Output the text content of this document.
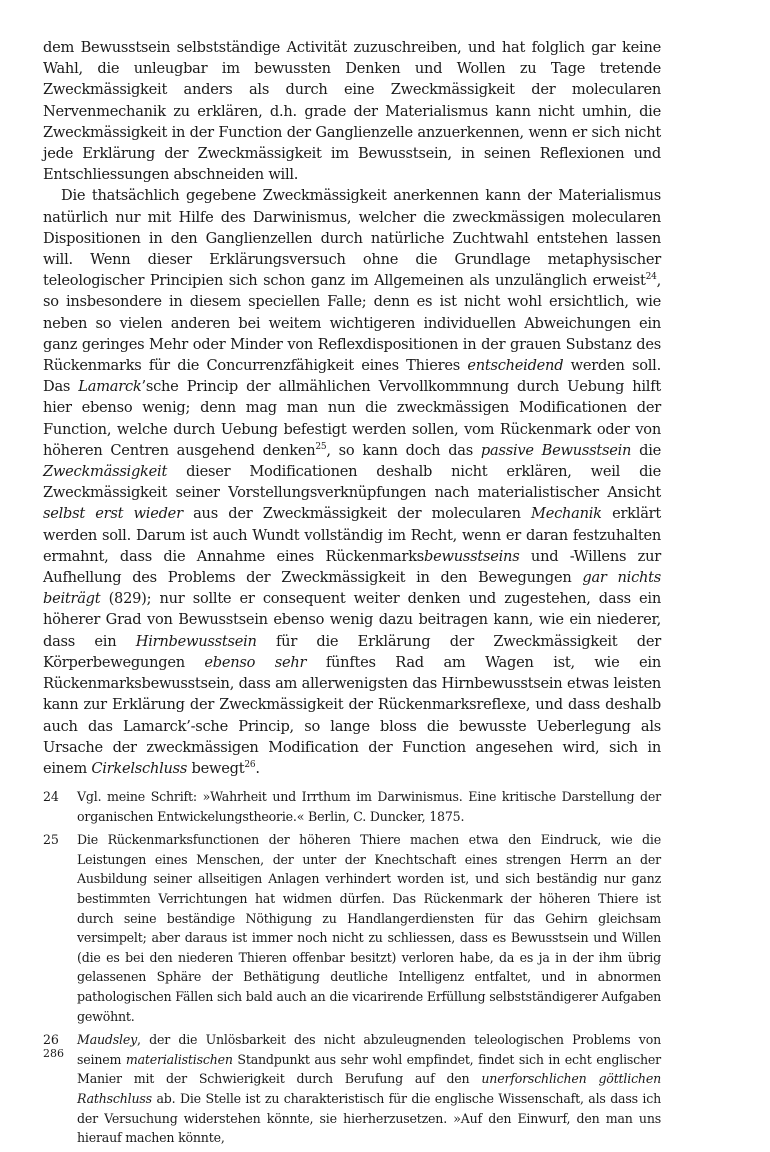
dem Bewusstsein selbstständige Activität zuzuschreiben, und hat folglich gar keine Wahl, die unleugbar im bewussten Denken und Wollen zu Tage tretende Zweckmässigkeit anders als durch eine Zweckmässigkeit der molecularen Nervenmechanik zu erklären, d.h. grade der Materialismus kann nicht umhin, die Zweckmässigkeit in der Function der Ganglienzelle anzuerkennen, wenn er sich nicht jede Erklärung der Zweckmässigkeit im Bewusstsein, in seinen Reflexionen und Entschliessungen abschneiden will.

Die thatsächlich gegebene Zweckmässigkeit anerkennen kann der Materialismus natürlich nur mit Hilfe des Darwinismus, welcher die zweckmässigen molecularen Dispositionen in den Ganglienzellen durch natürliche Zuchtwahl entstehen lassen will. Wenn dieser Erklärungsversuch ohne die Grundlage metaphysischer teleologischer Principien sich schon ganz im Allgemeinen als unzulänglich erweist$^{24}$, so insbesondere in diesem speciellen Falle; denn es ist nicht wohl ersichtlich, wie neben so vielen anderen bei weitem wichtigeren individuellen Abweichungen ein ganz geringes Mehr oder Minder von Reflexdispositionen in der grauen Substanz des Rückenmarks für die Concurrenzfähigkeit eines Thieres entscheidend werden soll. Das Lamarck’sche Princip der allmählichen Vervollkommnung durch Uebung hilft hier ebenso wenig; denn mag man nun die zweckmässigen Modificationen der Function, welche durch Uebung befestigt werden sollen, vom Rückenmark oder von höheren Centren ausgehend denken$^{25}$, so kann doch das passive Bewusstsein die Zweckmässigkeit dieser Modificationen deshalb nicht erklären, weil die Zweckmässigkeit seiner Vorstellungsverknüpfungen nach materialistischer Ansicht selbst erst wieder aus der Zweckmässigkeit der molecularen Mechanik erklärt werden soll. Darum ist auch Wundt vollständig im Recht, wenn er daran festzuhalten ermahnt, dass die Annahme eines Rückenmarksbewusstseins und -Willens zur Aufhellung des Problems der Zweckmässigkeit in den Bewegungen gar nichts beiträgt (829); nur sollte er consequent weiter denken und zugestehen, dass ein höherer Grad von Bewusstsein ebenso wenig dazu beitragen kann, wie ein niederer, dass ein Hirnbewusstsein für die Erklärung der Zweckmässigkeit der Körperbewegungen ebenso sehr fünftes Rad am Wagen ist, wie ein Rückenmarksbewusstsein, dass am allerwenigsten das Hirnbewusstsein etwas leisten kann zur Erklärung der Zweckmässigkeit der Rückenmarksreflexe, und dass deshalb auch das Lamarck’-sche Princip, so lange bloss die bewusste Ueberlegung als Ursache der zweckmässigen Modification der Function angesehen wird, sich in einem Cirkelschluss bewegt$^{26}$.

24	Vgl. meine Schrift: »Wahrheit und Irrthum im Darwinismus. Eine kritische Darstellung der organischen Entwickelungstheorie.« Berlin, C. Duncker, 1875.
25	Die Rückenmarksfunctionen der höheren Thiere machen etwa den Eindruck, wie die Leistungen eines Menschen, der unter der Knechtschaft eines strengen Herrn an der Ausbildung seiner allseitigen Anlagen verhindert worden ist, und sich beständig nur ganz bestimmten Verrichtungen hat widmen dürfen. Das Rückenmark der höheren Thiere ist durch seine beständige Nöthigung zu Handlangerdiensten für das Gehirn gleichsam versimpelt; aber daraus ist immer noch nicht zu schliessen, dass es Bewusstsein und Willen (die es bei den niederen Thieren offenbar besitzt) verloren habe, da es ja in der ihm übrig gelassenen Sphäre der Bethätigung deutliche Intelligenz entfaltet, und in abnormen pathologischen Fällen sich bald auch an die vicarirende Erfüllung selbstständigerer Aufgaben gewöhnt.
26	Maudsley, der die Unlösbarkeit des nicht abzuleugnenden teleologischen Problems von seinem materialistischen Standpunkt aus sehr wohl empfindet, findet sich in echt englischer Manier mit der Schwierigkeit durch Berufung auf den unerforschlichen göttlichen Rathschluss ab. Die Stelle ist zu charakteristisch für die englische Wissenschaft, als dass ich der Versuchung widerstehen könnte, sie hierherzusetzen. »Auf den Einwurf, den man uns hierauf machen könnte,
286
